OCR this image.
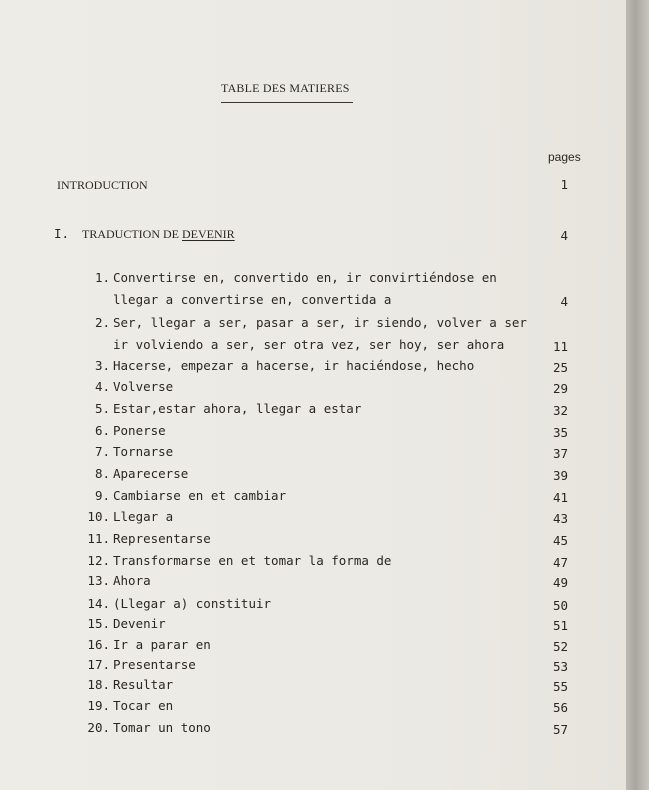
TABLE DES MATIERES
pages
INTRODUCTION	1
I. TRADUCTION DE DEVENIR	4
1. Convertirse en, convertido en, ir convirtiéndose en
llegar a convertirse en, convertida a	4
2. Ser, llegar a ser, pasar a ser, ir siendo, volver a ser
ir volviendo a ser, ser otra vez, ser hoy, ser ahora	11
3. Hacerse, empezar a hacerse, ir haciéndose, hecho	25
4. Volverse	29
5. Estar,estar ahora, llegar a estar	32
6. Ponerse	35
7. Tornarse	37
8. Aparecerse	39
9. Cambiarse en et cambiar	41
10. Llegar a	43
11. Representarse	45
12. Transformarse en et tomar la forma de	47
13. Ahora	49
14. (Llegar a) constituir	50
15. Devenir	51
16. Ir a parar en	52
17. Presentarse	53
18. Resultar	55
19. Tocar en	56
20. Tomar un tono	57
